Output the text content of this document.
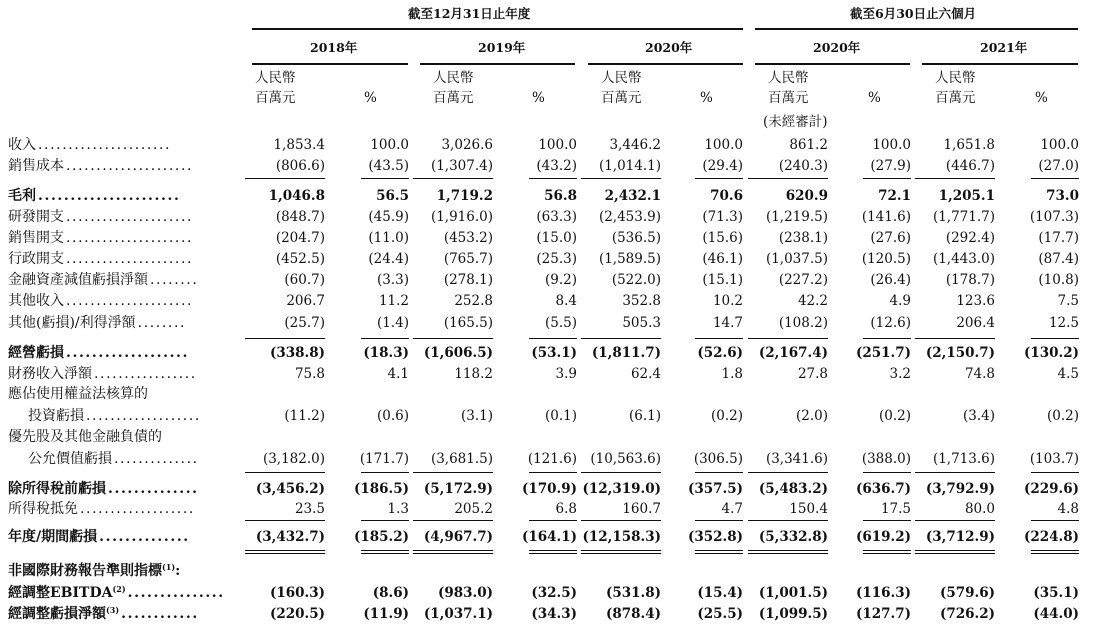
截至12月31日止年度	截至6月30日止六個月
2018年	2019年	2020年	2020年	2021年
人民幣
百萬元	%
人民幣
百萬元	%
人民幣
百萬元	%
人民幣
百萬元	%
人民幣
百萬元	%
(未經審計)
收入 ......................	1,853.4	100.0 3,026.6	100.0 3,446.2	100.0	861.2	100.0 1,651.8	100.0
銷售成本 .....................	(806.6)	(43.5) (1,307.4)	(43.2) (1,014.1)	(29.4)	(240.3)	(27.9)	(446.7)	(27.0)
毛利 ......................	1,046.8	56.5 1,719.2	56.8 2,432.1	70.6	620.9	72.1 1,205.1	73.0
研發開支 .....................	(848.7)	(45.9) (1,916.0)	(63.3) (2,453.9)	(71.3) (1,219.5)	(141.6) (1,771.7)	(107.3)
銷售開支 .....................	(204.7)	(11.0)	(453.2)	(15.0)	(536.5)	(15.6)	(238.1)	(27.6)	(292.4)	(17.7)
行政開支 .....................	(452.5)	(24.4)	(765.7)	(25.3) (1,589.5)	(46.1) (1,037.5)	(120.5) (1,443.0)	(87.4)
金融資產減值虧損淨額 ........	(60.7)	(3.3)	(278.1)	(9.2)	(522.0)	(15.1)	(227.2)	(26.4)	(178.7)	(10.8)
其他收入 .....................	206.7	11.2	252.8	8.4	352.8	10.2	42.2	4.9	123.6	7.5
其他(虧損)/利得淨額 ........	(25.7)	(1.4)	(165.5)	(5.5)	505.3	14.7	(108.2)	(12.6)	206.4	12.5
經營虧損 ...................	(338.8)	(18.3) (1,606.5)	(53.1) (1,811.7)	(52.6) (2,167.4) (251.7) (2,150.7) (130.2)
財務收入淨額 .................	75.8	4.1	118.2	3.9	62.4	1.8	27.8	3.2	74.8	4.5
應佔使用權益法核算的
投資虧損 ...................	(11.2)	(0.6)	(3.1)	(0.1)	(6.1)	(0.2)	(2.0)	(0.2)	(3.4)	(0.2)
優先股及其他金融負債的
公允價值虧損 ..............	(3,182.0)	(171.7) (3,681.5)	(121.6) (10,563.6) (306.5) (3,341.6)	(388.0) (1,713.6)	(103.7)
除所得稅前虧損 ..............	(3,456.2) (186.5) (5,172.9) (170.9) (12,319.0) (357.5) (5,483.2) (636.7) (3,792.9) (229.6)
所得稅抵免 ...................	23.5	1.3	205.2	6.8	160.7	4.7	150.4	17.5	80.0	4.8
年度/期間虧損 ..............	(3,432.7) (185.2) (4,967.7) (164.1) (12,158.3) (352.8) (5,332.8) (619.2) (3,712.9) (224.8)
非國際財務報告準則指標$^{(1)}$:
經調整EBITDA$^{(2)}$ ...............	(160.3)	(8.6) (983.0)	(32.5) (531.8)	(15.4) (1,001.5) (116.3) (579.6)	(35.1)
經調整虧損淨額$^{(3)}$ ............	(220.5)	(11.9) (1,037.1)	(34.3) (878.4)	(25.5) (1,099.5) (127.7) (726.2)	(44.0)
